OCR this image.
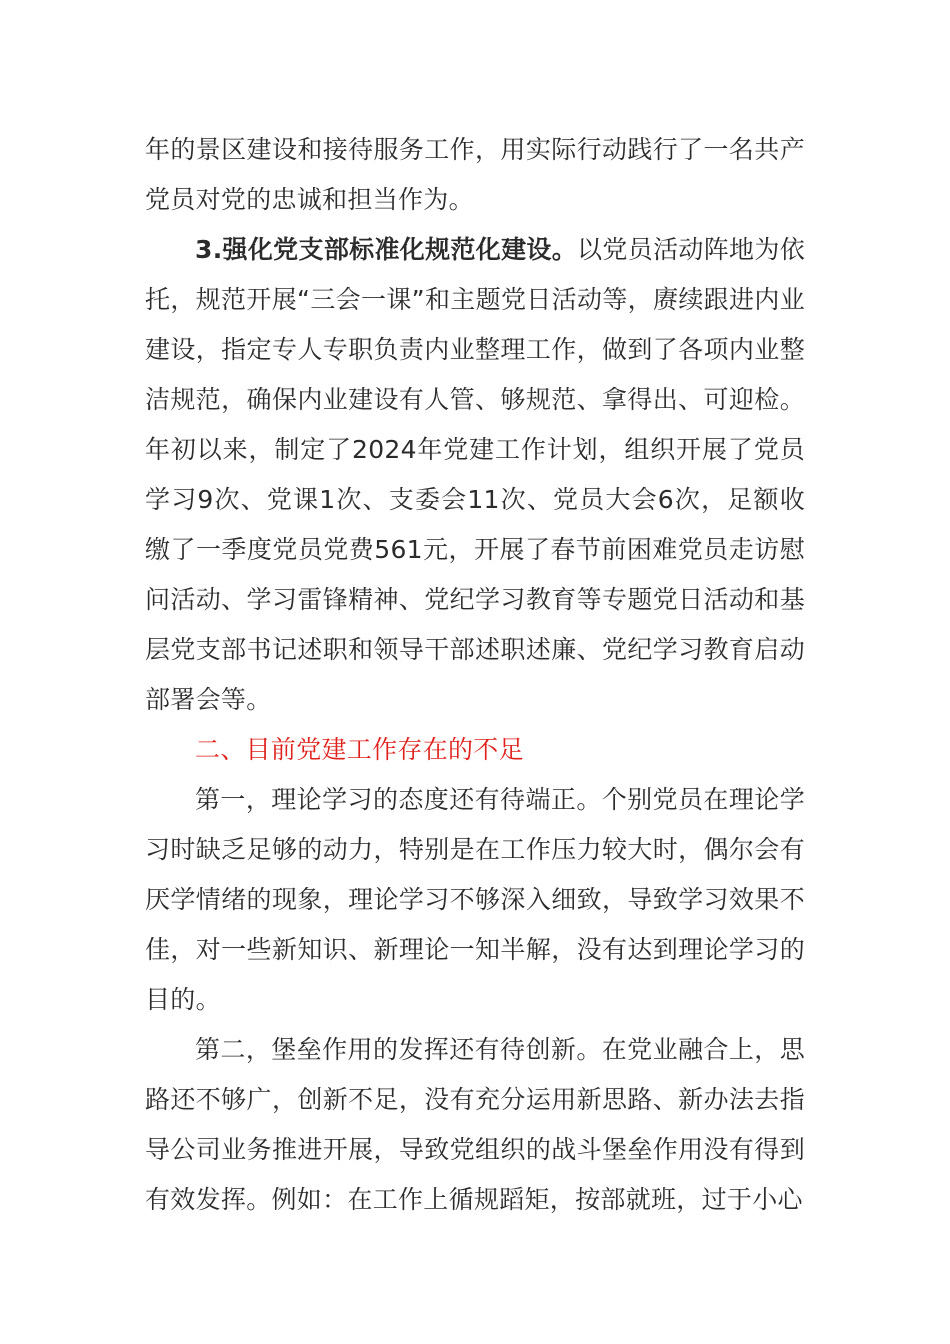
年的景区建设和接待服务工作，用实际行动践行了一名共产党员对党的忠诚和担当作为。

3.强化党支部标准化规范化建设。以党员活动阵地为依托，规范开展“三会一课”和主题党日活动等，赓续跟进内业建设，指定专人专职负责内业整理工作，做到了各项内业整洁规范，确保内业建设有人管、够规范、拿得出、可迎检。年初以来，制定了2024年党建工作计划，组织开展了党员学习9次、党课1次、支委会11次、党员大会6次，足额收缴了一季度党员党费561元，开展了春节前困难党员走访慰问活动、学习雷锋精神、党纪学习教育等专题党日活动和基层党支部书记述职和领导干部述职述廉、党纪学习教育启动部署会等。

二、目前党建工作存在的不足

第一，理论学习的态度还有待端正。个别党员在理论学习时缺乏足够的动力，特别是在工作压力较大时，偶尔会有厌学情绪的现象，理论学习不够深入细致，导致学习效果不佳，对一些新知识、新理论一知半解，没有达到理论学习的目的。

第二，堡垒作用的发挥还有待创新。在党业融合上，思路还不够广，创新不足，没有充分运用新思路、新办法去指导公司业务推进开展，导致党组织的战斗堡垒作用没有得到有效发挥。例如：在工作上循规蹈矩，按部就班，过于小心
